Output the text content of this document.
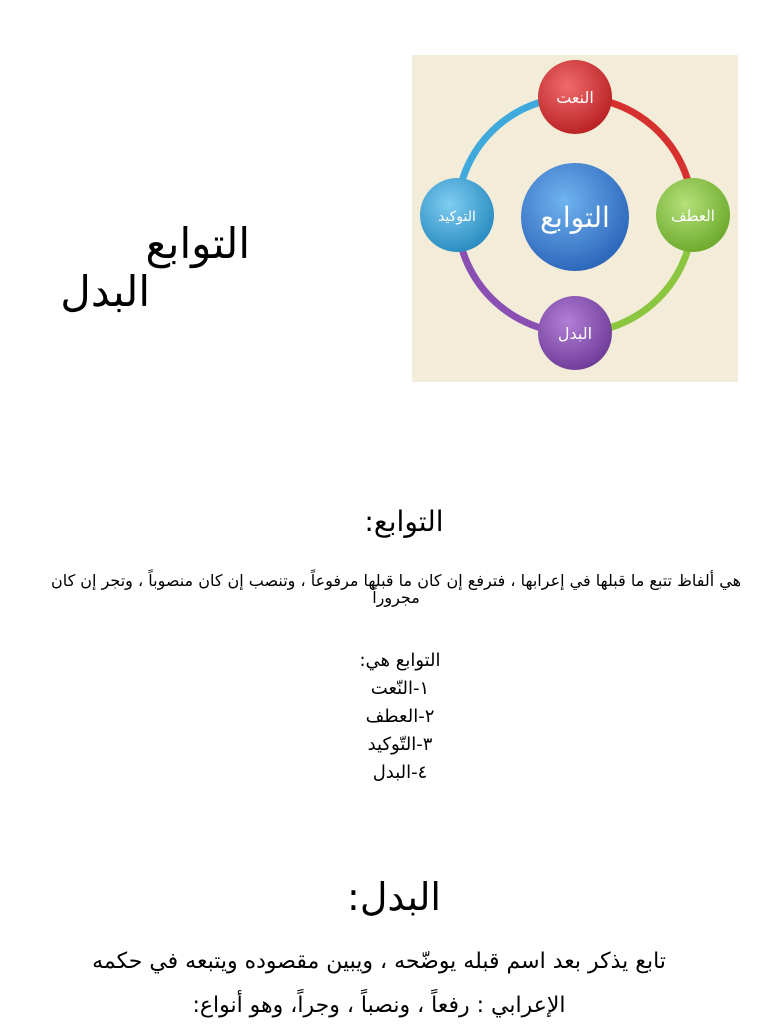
التوابع
البدل
التوابع
النعت
العطف
البدل
التوكيد
التوابع:
هي ألفاظ تتبع ما قبلها في إعرابها ، فترفع إن كان ما قبلها مرفوعاً ، وتنصب إن كان منصوباً ، وتجر إن كان مجروراً
التوابع هي:
١-النّعت
٢-العطف
٣-التّوكيد
٤-البدل
البدل:
تابع يذكر بعد اسم قبله يوضّحه ، ويبين مقصوده ويتبعه في حكمه
الإعرابي : رفعاً ، ونصباً ، وجراً، وهو أنواع:
